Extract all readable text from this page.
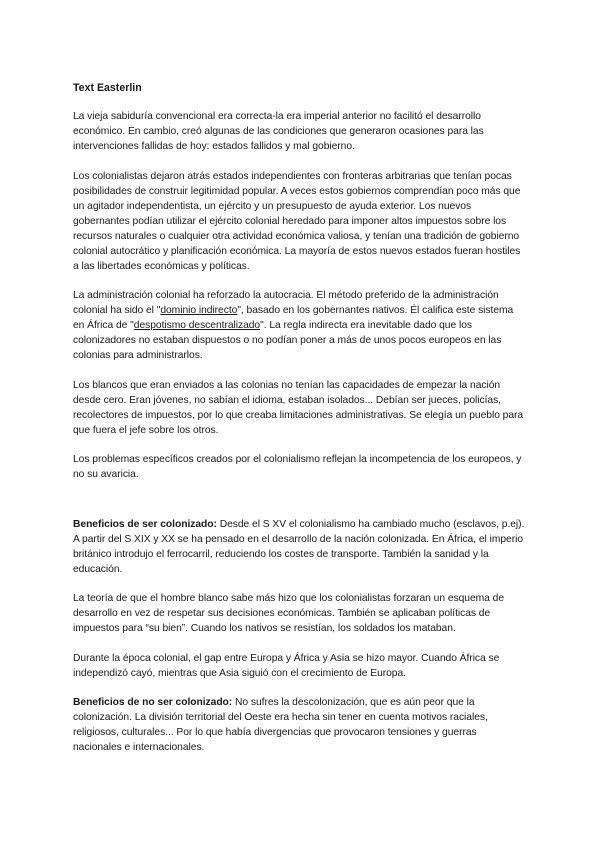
Text Easterlin

La vieja sabiduría convencional era correcta-la era imperial anterior no facilitó el desarrollo económico. En cambio, creó algunas de las condiciones que generaron ocasiones para las intervenciones fallidas de hoy: estados fallidos y mal gobierno.

Los colonialistas dejaron atrás estados independientes con fronteras arbitrarias que tenían pocas posibilidades de construir legitimidad popular. A veces estos gobiernos comprendían poco más que un agitador independentista, un ejército y un presupuesto de ayuda exterior. Los nuevos gobernantes podían utilizar el ejército colonial heredado para imponer altos impuestos sobre los recursos naturales o cualquier otra actividad económica valiosa, y tenían una tradición de gobierno colonial autocrático y planificación económica. La mayoría de estos nuevos estados fueran hostiles a las libertades económicas y políticas.

La administración colonial ha reforzado la autocracia. El método preferido de la administración colonial ha sido el "dominio indirecto", basado en los gobernantes nativos. Él califica este sistema en África de "despotismo descentralizado". La regla indirecta era inevitable dado que los colonizadores no estaban dispuestos o no podían poner a más de unos pocos europeos en las colonias para administrarlos.

Los blancos que eran enviados a las colonias no tenían las capacidades de empezar la nación desde cero. Eran jóvenes, no sabían el idioma, estaban isolados... Debían ser jueces, policías, recolectores de impuestos, por lo que creaba limitaciones administrativas. Se elegía un pueblo para que fuera el jefe sobre los otros.

Los problemas específicos creados por el colonialismo reflejan la incompetencia de los europeos, y no su avaricia.

Beneficios de ser colonizado: Desde el S XV el colonialismo ha cambiado mucho (esclavos, p.ej). A partir del S XIX y XX se ha pensado en el desarrollo de la nación colonizada. En África, el imperio británico introdujo el ferrocarril, reduciendo los costes de transporte. También la sanidad y la educación.

La teoría de que el hombre blanco sabe más hizo que los colonialistas forzaran un esquema de desarrollo en vez de respetar sus decisiones económicas. También se aplicaban políticas de impuestos para “su bien”. Cuando los nativos se resistían, los soldados los mataban.

Durante la época colonial, el gap entre Europa y África y Asia se hizo mayor. Cuando África se independizó cayó, mientras que Asia siguió con el crecimiento de Europa.

Beneficios de no ser colonizado: No sufres la descolonización, que es aún peor que la colonización. La división territorial del Oeste era hecha sin tener en cuenta motivos raciales, religiosos, culturales... Por lo que había divergencias que provocaron tensiones y guerras nacionales e internacionales.
